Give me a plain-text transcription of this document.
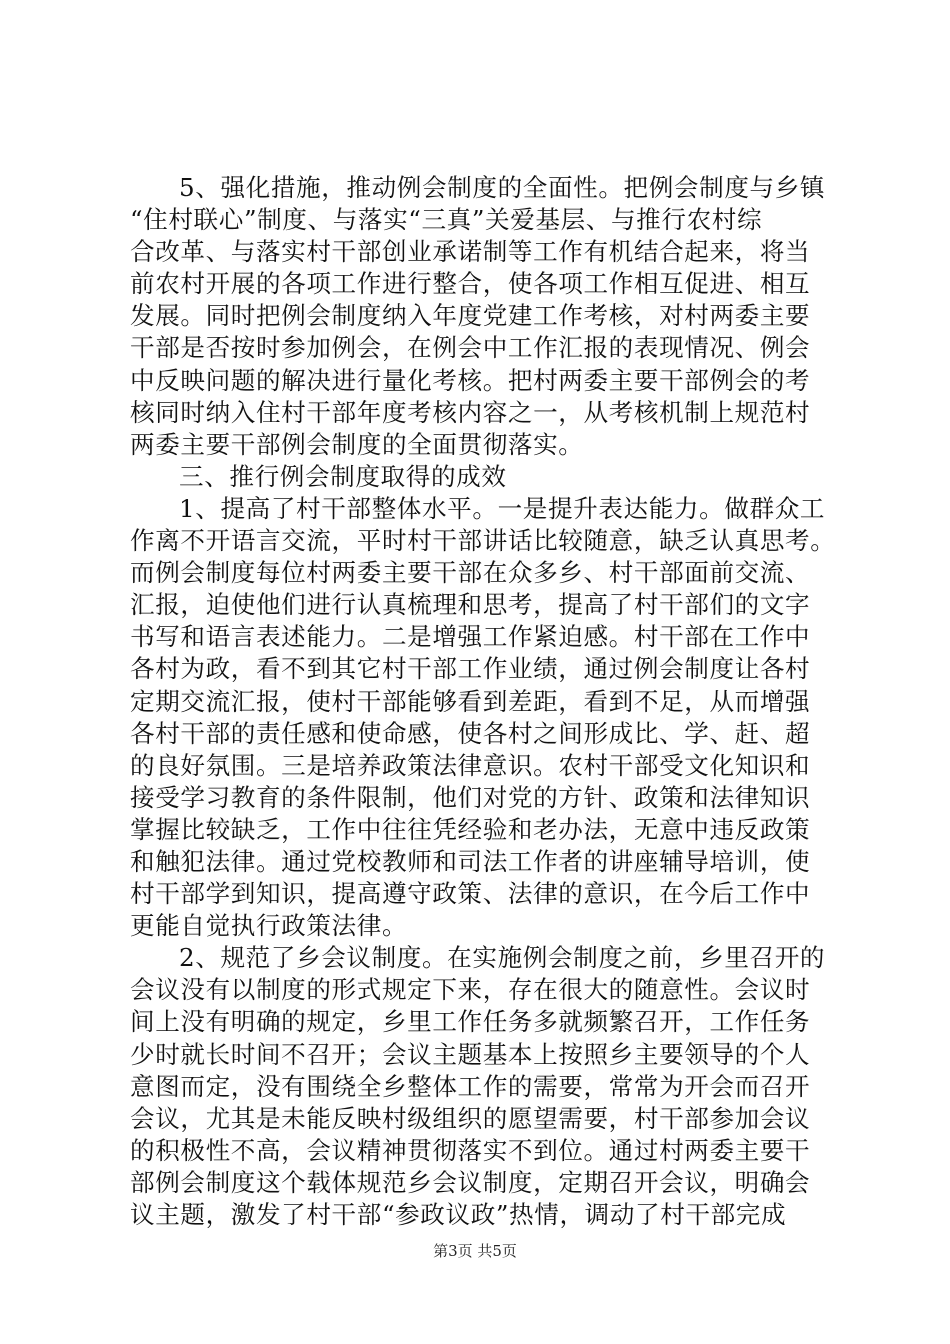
5、强化措施，推动例会制度的全面性。把例会制度与乡镇
“住村联心”制度、与落实“三真”关爱基层、与推行农村综
合改革、与落实村干部创业承诺制等工作有机结合起来，将当
前农村开展的各项工作进行整合，使各项工作相互促进、相互
发展。同时把例会制度纳入年度党建工作考核，对村两委主要
干部是否按时参加例会，在例会中工作汇报的表现情况、例会
中反映问题的解决进行量化考核。把村两委主要干部例会的考
核同时纳入住村干部年度考核内容之一，从考核机制上规范村
两委主要干部例会制度的全面贯彻落实。
三、推行例会制度取得的成效
1、提高了村干部整体水平。一是提升表达能力。做群众工
作离不开语言交流，平时村干部讲话比较随意，缺乏认真思考。
而例会制度每位村两委主要干部在众多乡、村干部面前交流、
汇报，迫使他们进行认真梳理和思考，提高了村干部们的文字
书写和语言表述能力。二是增强工作紧迫感。村干部在工作中
各村为政，看不到其它村干部工作业绩，通过例会制度让各村
定期交流汇报，使村干部能够看到差距，看到不足，从而增强
各村干部的责任感和使命感，使各村之间形成比、学、赶、超
的良好氛围。三是培养政策法律意识。农村干部受文化知识和
接受学习教育的条件限制，他们对党的方针、政策和法律知识
掌握比较缺乏，工作中往往凭经验和老办法，无意中违反政策
和触犯法律。通过党校教师和司法工作者的讲座辅导培训，使
村干部学到知识，提高遵守政策、法律的意识，在今后工作中
更能自觉执行政策法律。
2、规范了乡会议制度。在实施例会制度之前，乡里召开的
会议没有以制度的形式规定下来，存在很大的随意性。会议时
间上没有明确的规定，乡里工作任务多就频繁召开，工作任务
少时就长时间不召开；会议主题基本上按照乡主要领导的个人
意图而定，没有围绕全乡整体工作的需要，常常为开会而召开
会议，尤其是未能反映村级组织的愿望需要，村干部参加会议
的积极性不高，会议精神贯彻落实不到位。通过村两委主要干
部例会制度这个载体规范乡会议制度，定期召开会议，明确会
议主题，激发了村干部“参政议政”热情，调动了村干部完成
第3页 共5页
